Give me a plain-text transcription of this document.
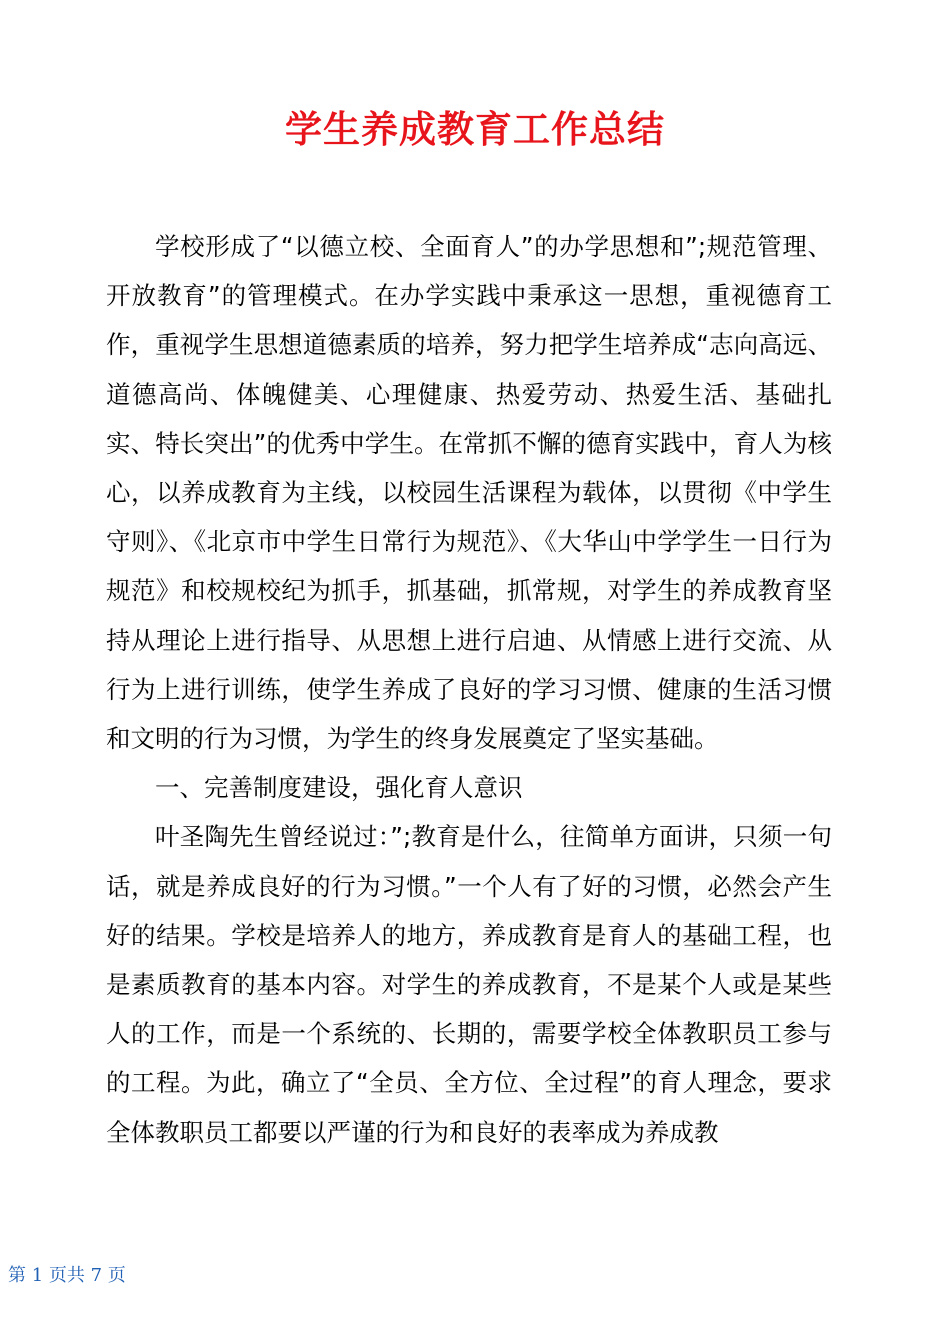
学生养成教育工作总结

学校形成了“以德立校、全面育人”的办学思想和”;规范管理、开放教育”的管理模式。在办学实践中秉承这一思想，重视德育工作，重视学生思想道德素质的培养，努力把学生培养成“志向高远、道德高尚、体魄健美、心理健康、热爱劳动、热爱生活、基础扎实、特长突出”的优秀中学生。在常抓不懈的德育实践中，育人为核心，以养成教育为主线，以校园生活课程为载体，以贯彻《中学生守则》、《北京市中学生日常行为规范》、《大华山中学学生一日行为规范》和校规校纪为抓手，抓基础，抓常规，对学生的养成教育坚持从理论上进行指导、从思想上进行启迪、从情感上进行交流、从行为上进行训练，使学生养成了良好的学习习惯、健康的生活习惯和文明的行为习惯，为学生的终身发展奠定了坚实基础。

一、完善制度建设，强化育人意识

叶圣陶先生曾经说过：”;教育是什么，往简单方面讲，只须一句话，就是养成良好的行为习惯。”一个人有了好的习惯，必然会产生好的结果。学校是培养人的地方，养成教育是育人的基础工程，也是素质教育的基本内容。对学生的养成教育，不是某个人或是某些人的工作，而是一个系统的、长期的，需要学校全体教职员工参与的工程。为此，确立了“全员、全方位、全过程”的育人理念，要求全体教职员工都要以严谨的行为和良好的表率成为养成教

第 1 页共 7 页
